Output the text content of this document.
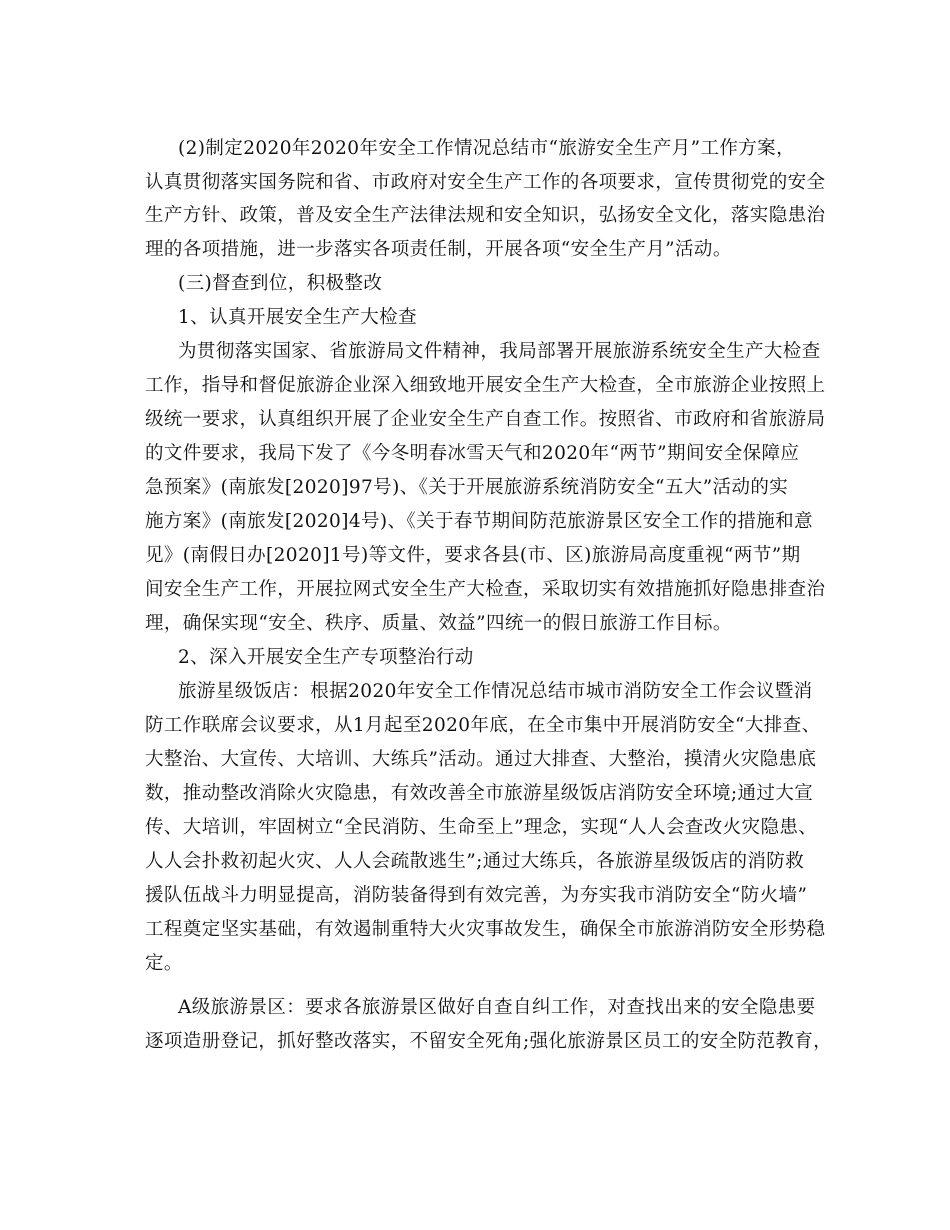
(2)制定2020年2020年安全工作情况总结市“旅游安全生产月”工作方案，
认真贯彻落实国务院和省、市政府对安全生产工作的各项要求，宣传贯彻党的安全
生产方针、政策，普及安全生产法律法规和安全知识，弘扬安全文化，落实隐患治
理的各项措施，进一步落实各项责任制，开展各项“安全生产月”活动。
(三)督查到位，积极整改
1、认真开展安全生产大检查
为贯彻落实国家、省旅游局文件精神，我局部署开展旅游系统安全生产大检查
工作，指导和督促旅游企业深入细致地开展安全生产大检查，全市旅游企业按照上
级统一要求，认真组织开展了企业安全生产自查工作。按照省、市政府和省旅游局
的文件要求，我局下发了《今冬明春冰雪天气和2020年“两节”期间安全保障应
急预案》(南旅发[2020]97号)、《关于开展旅游系统消防安全“五大”活动的实
施方案》(南旅发[2020]4号)、《关于春节期间防范旅游景区安全工作的措施和意
见》(南假日办[2020]1号)等文件，要求各县(市、区)旅游局高度重视“两节”期
间安全生产工作，开展拉网式安全生产大检查，采取切实有效措施抓好隐患排查治
理，确保实现“安全、秩序、质量、效益”四统一的假日旅游工作目标。
2、深入开展安全生产专项整治行动
旅游星级饭店：根据2020年安全工作情况总结市城市消防安全工作会议暨消
防工作联席会议要求，从1月起至2020年底，在全市集中开展消防安全“大排查、
大整治、大宣传、大培训、大练兵”活动。通过大排查、大整治，摸清火灾隐患底
数，推动整改消除火灾隐患，有效改善全市旅游星级饭店消防安全环境;通过大宣
传、大培训，牢固树立“全民消防、生命至上”理念，实现“人人会查改火灾隐患、
人人会扑救初起火灾、人人会疏散逃生”;通过大练兵，各旅游星级饭店的消防救
援队伍战斗力明显提高，消防装备得到有效完善，为夯实我市消防安全“防火墙”
工程奠定坚实基础，有效遏制重特大火灾事故发生，确保全市旅游消防安全形势稳
定。
A级旅游景区：要求各旅游景区做好自查自纠工作，对查找出来的安全隐患要
逐项造册登记，抓好整改落实，不留安全死角;强化旅游景区员工的安全防范教育，
